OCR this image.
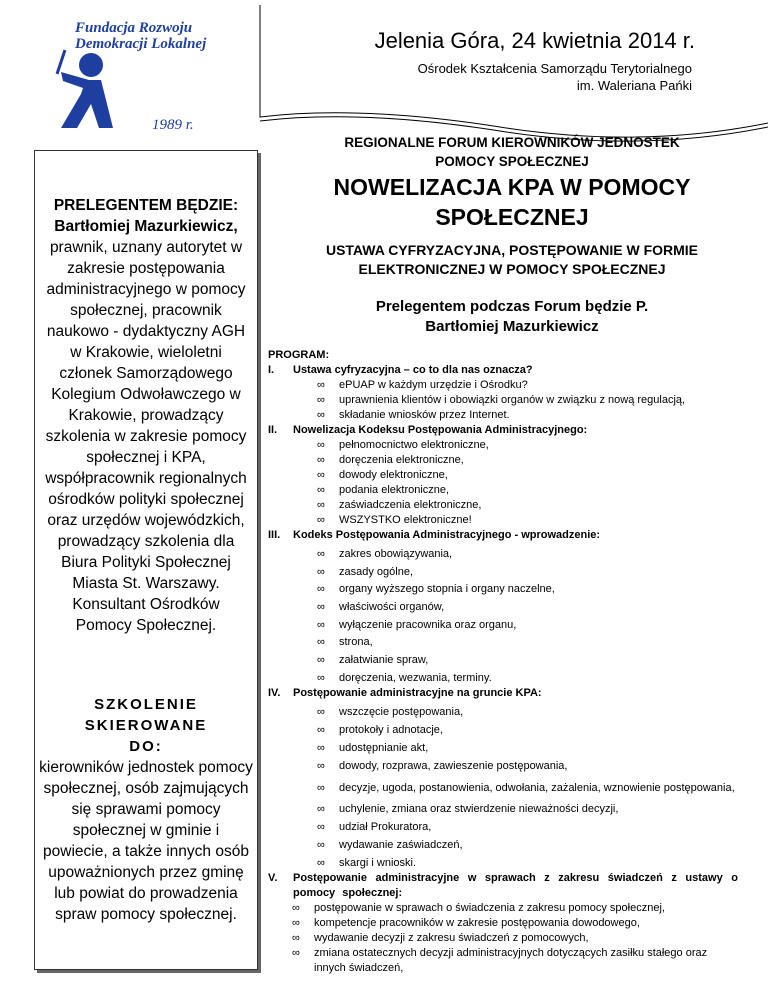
Fundacja Rozwoju
Demokracji Lokalnej
1989 r.
Jelenia Góra, 24 kwietnia 2014 r.
Ośrodek Kształcenia Samorządu Terytorialnego
im. Waleriana Pańki
PRELEGENTEM BĘDZIE:
Bartłomiej Mazurkiewicz,
prawnik, uznany autorytet w zakresie postępowania administracyjnego w pomocy społecznej, pracownik naukowo - dydaktyczny AGH w Krakowie, wieloletni członek Samorządowego Kolegium Odwoławczego w Krakowie, prowadzący szkolenia w zakresie pomocy społecznej i KPA, współpracownik regionalnych ośrodków polityki społecznej oraz urzędów wojewódzkich, prowadzący szkolenia dla Biura Polityki Społecznej Miasta St. Warszawy. Konsultant Ośrodków Pomocy Społecznej.
SZKOLENIE SKIEROWANE DO:
kierowników jednostek pomocy społecznej, osób zajmujących się sprawami pomocy społecznej w gminie i powiecie, a także innych osób upoważnionych przez gminę lub powiat do prowadzenia spraw pomocy społecznej.
REGIONALNE FORUM KIEROWNIKÓW JEDNOSTEK POMOCY SPOŁECZNEJ
NOWELIZACJA KPA W POMOCY SPOŁECZNEJ
USTAWA CYFRYZACYJNA, POSTĘPOWANIE W FORMIE ELEKTRONICZNEJ W POMOCY SPOŁECZNEJ
Prelegentem podczas Forum będzie P. Bartłomiej Mazurkiewicz
PROGRAM:
I.	Ustawa cyfryzacyjna – co to dla nas oznacza?
∞ ePUAP w każdym urzędzie i Ośrodku?
∞ uprawnienia klientów i obowiązki organów w związku z nową regulacją,
∞ składanie wniosków przez Internet.
II.	Nowelizacja Kodeksu Postępowania Administracyjnego:
∞ pełnomocnictwo elektroniczne,
∞ doręczenia elektroniczne,
∞ dowody elektroniczne,
∞ podania elektroniczne,
∞ zaświadczenia elektroniczne,
∞ WSZYSTKO elektroniczne!
III.	Kodeks Postępowania Administracyjnego - wprowadzenie:
∞ zakres obowiązywania,
∞ zasady ogólne,
∞ organy wyższego stopnia i organy naczelne,
∞ właściwości organów,
∞ wyłączenie pracownika oraz organu,
∞ strona,
∞ załatwianie spraw,
∞ doręczenia, wezwania, terminy.
IV.	Postępowanie administracyjne na gruncie KPA:
∞ wszczęcie postępowania,
∞ protokoły i adnotacje,
∞ udostępnianie akt,
∞ dowody, rozprawa, zawieszenie postępowania,
∞ decyzje, ugoda, postanowienia, odwołania, zażalenia, wznowienie postępowania,
∞ uchylenie, zmiana oraz stwierdzenie nieważności decyzji,
∞ udział Prokuratora,
∞ wydawanie zaświadczeń,
∞ skargi i wnioski.
V.	Postępowanie administracyjne w sprawach z zakresu świadczeń z ustawy o pomocy społecznej:
∞ postępowanie w sprawach o świadczenia z zakresu pomocy społecznej,
∞ kompetencje pracowników w zakresie postępowania dowodowego,
∞ wydawanie decyzji z zakresu świadczeń z pomocowych,
∞ zmiana ostatecznych decyzji administracyjnych dotyczących zasiłku stałego oraz innych świadczeń,
